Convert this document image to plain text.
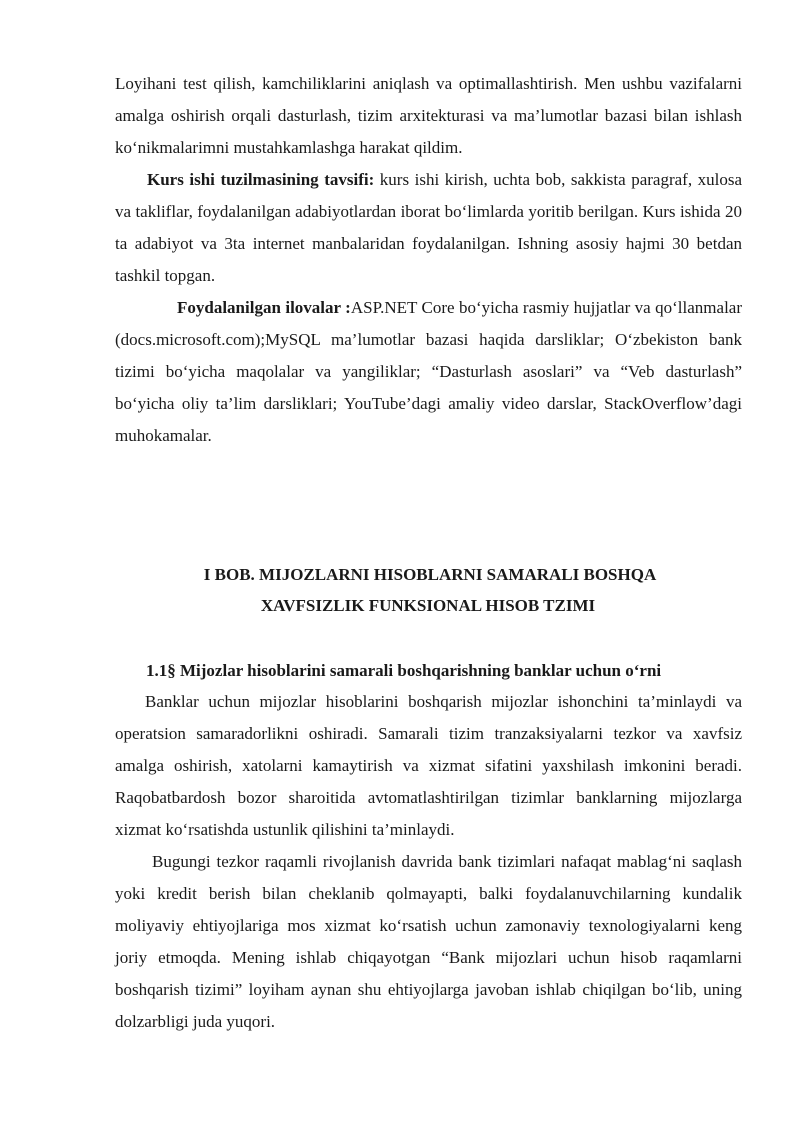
Loyihani test qilish, kamchiliklarini aniqlash va optimallashtirish. Men ushbu vazifalarni amalga oshirish orqali dasturlash, tizim arxitekturasi va ma’lumotlar bazasi bilan ishlash ko‘nikmalarimni mustahkamlashga harakat qildim.

Kurs ishi tuzilmasining tavsifi: kurs ishi kirish, uchta bob, sakkista paragraf, xulosa va takliflar, foydalanilgan adabiyotlardan iborat bo‘limlarda yoritib berilgan. Kurs ishida 20 ta adabiyot va 3ta internet manbalaridan foydalanilgan. Ishning asosiy hajmi 30 betdan tashkil topgan.

Foydalanilgan ilovalar :ASP.NET Core bo‘yicha rasmiy hujjatlar va qo‘llanmalar (docs.microsoft.com);MySQL ma’lumotlar bazasi haqida darsliklar; O‘zbekiston bank tizimi bo‘yicha maqolalar va yangiliklar; “Dasturlash asoslari” va “Veb dasturlash” bo‘yicha oliy ta’lim darsliklari; YouTube’dagi amaliy video darslar, StackOverflow’dagi muhokamalar.

I BOB. MIJOZLARNI HISOBLARNI SAMARALI BOSHQA

XAVFSIZLIK FUNKSIONAL HISOB TZIMI

1.1§ Mijozlar hisoblarini samarali boshqarishning banklar uchun o‘rni

Banklar uchun mijozlar hisoblarini boshqarish mijozlar ishonchini ta’minlaydi va operatsion samaradorlikni oshiradi. Samarali tizim tranzaksiyalarni tezkor va xavfsiz amalga oshirish, xatolarni kamaytirish va xizmat sifatini yaxshilash imkonini beradi. Raqobatbardosh bozor sharoitida avtomatlashtirilgan tizimlar banklarning mijozlarga xizmat ko‘rsatishda ustunlik qilishini ta’minlaydi.

Bugungi tezkor raqamli rivojlanish davrida bank tizimlari nafaqat mablag‘ni saqlash yoki kredit berish bilan cheklanib qolmayapti, balki foydalanuvchilarning kundalik moliyaviy ehtiyojlariga mos xizmat ko‘rsatish uchun zamonaviy texnologiyalarni keng joriy etmoqda. Mening ishlab chiqayotgan “Bank mijozlari uchun hisob raqamlarni boshqarish tizimi” loyiham aynan shu ehtiyojlarga javoban ishlab chiqilgan bo‘lib, uning dolzarbligi juda yuqori.
